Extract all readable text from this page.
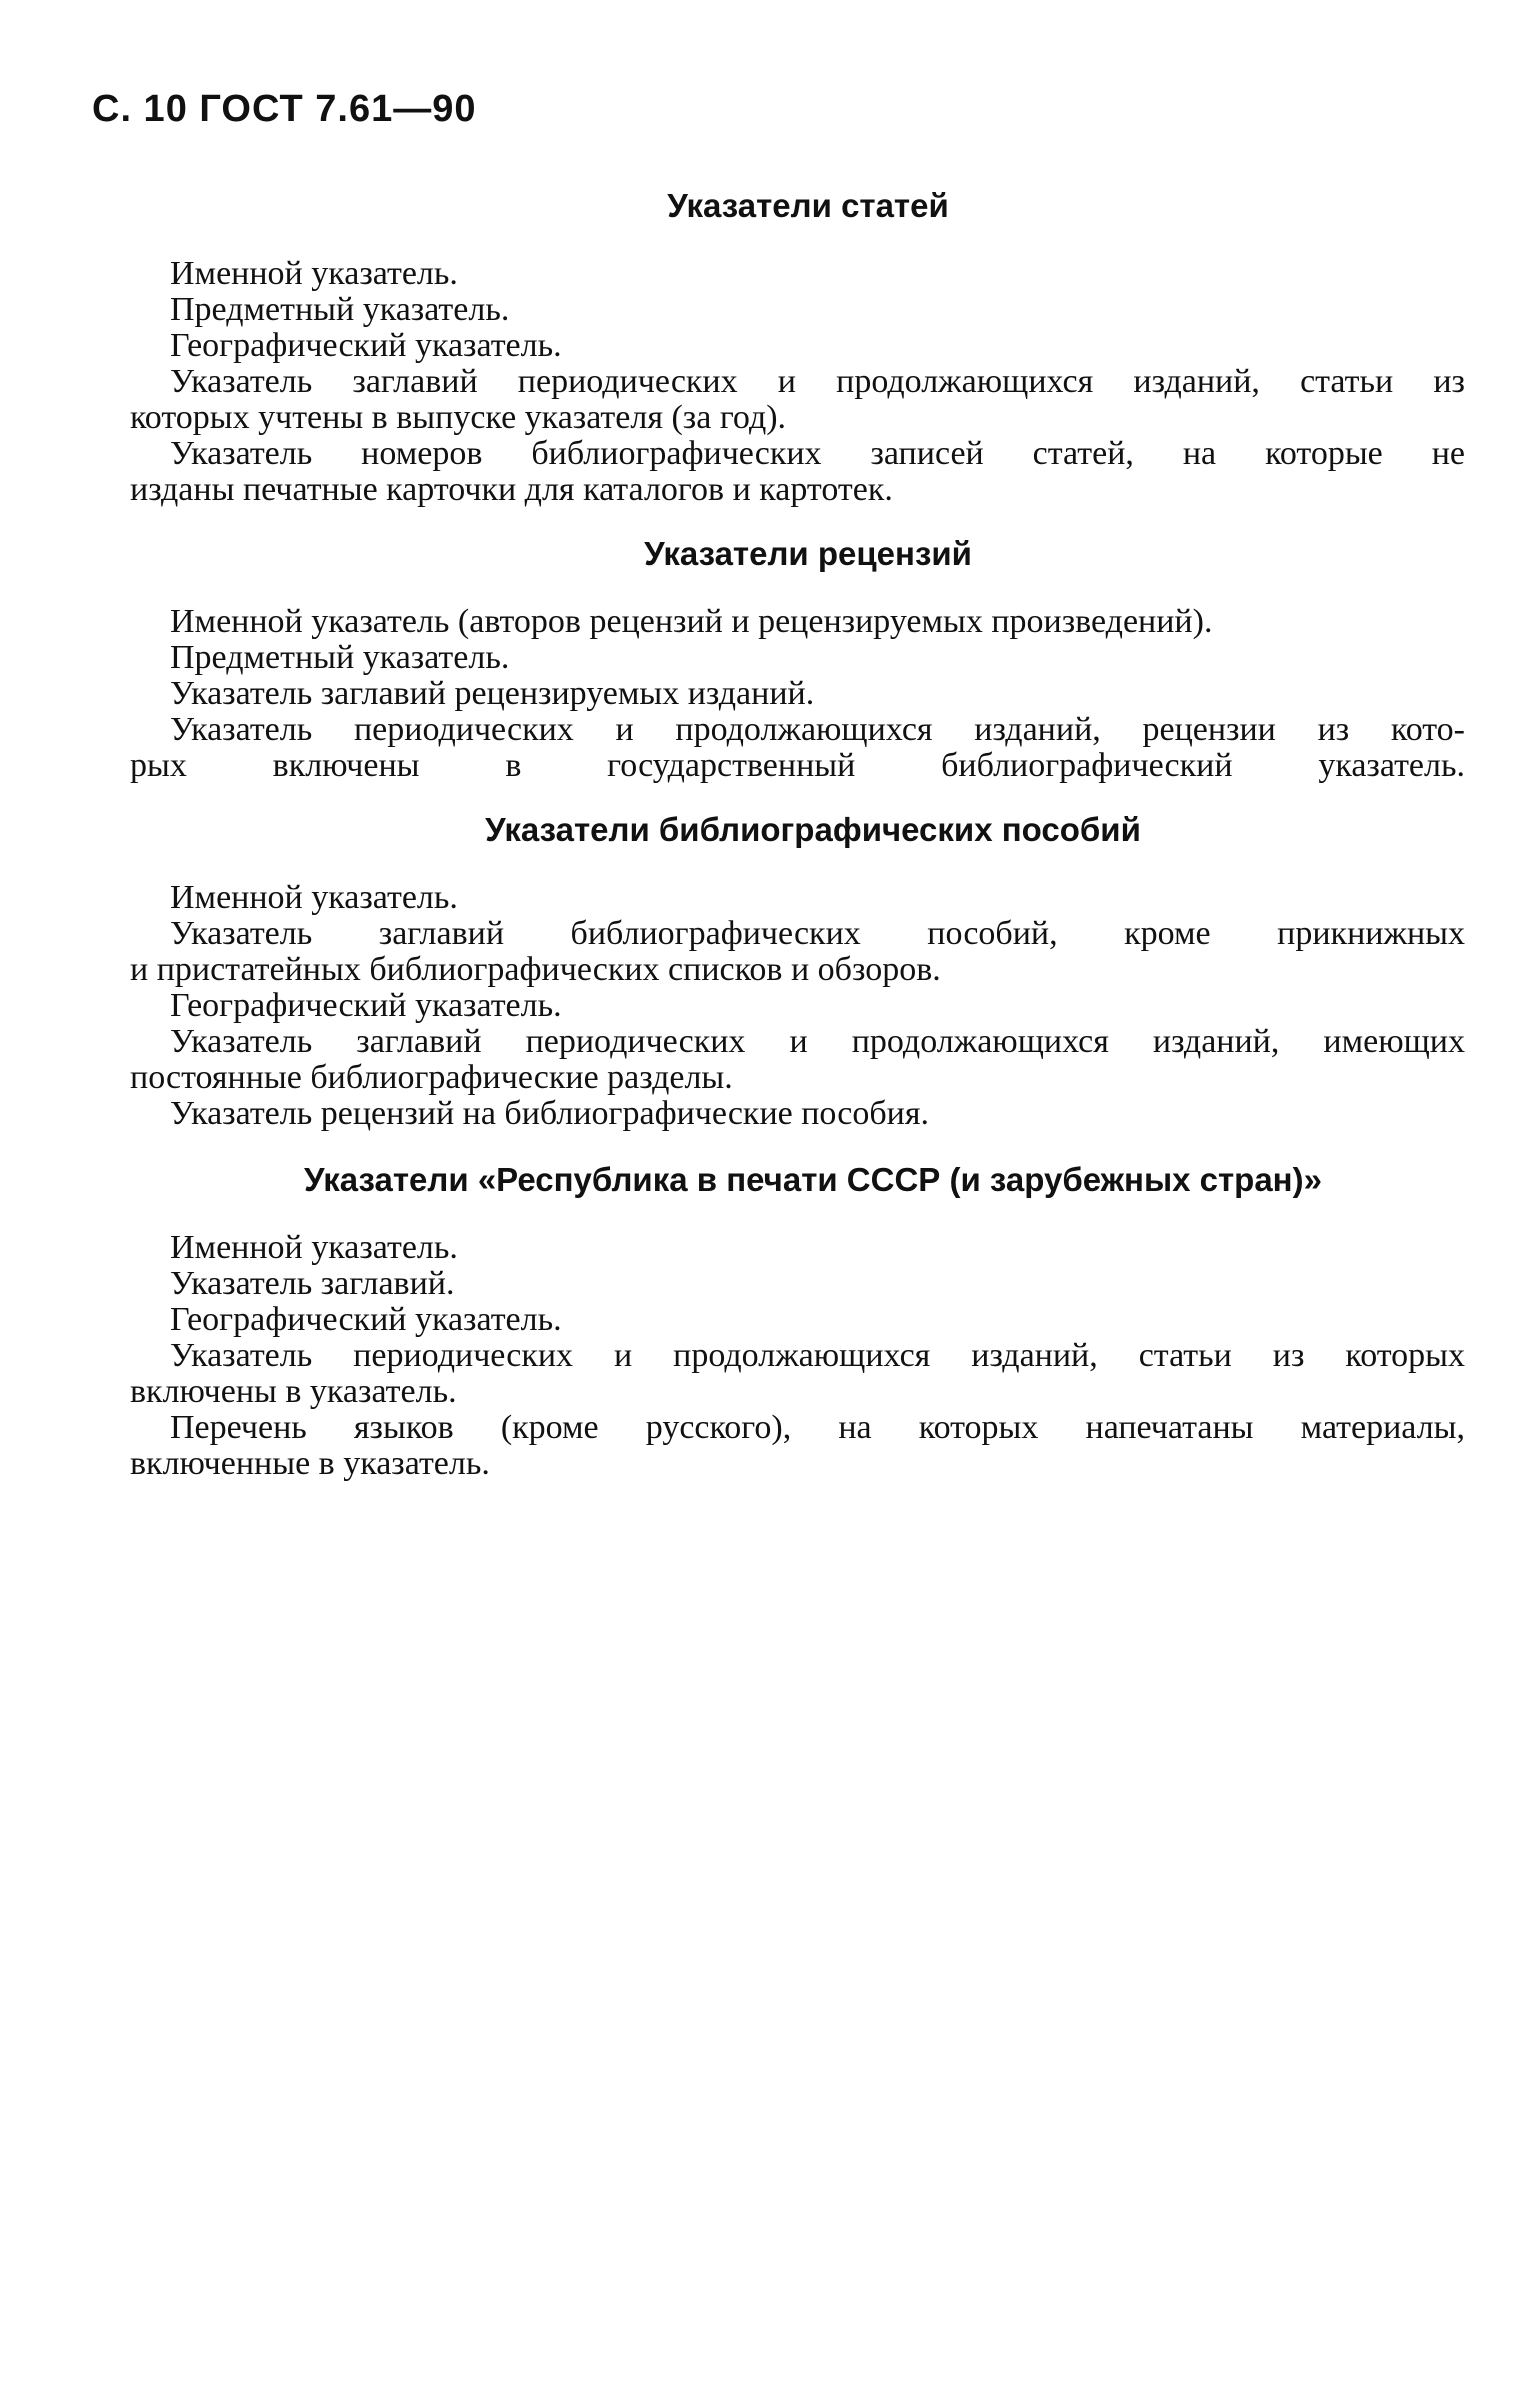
С. 10 ГОСТ 7.61—90
Указатели статей
Именной указатель.
Предметный указатель.
Географический указатель.
Указатель заглавий периодических и продолжающихся изданий, статьи из
которых учтены в выпуске указателя (за год).
Указатель номеров библиографических записей статей, на которые не
изданы печатные карточки для каталогов и картотек.
Указатели рецензий
Именной указатель (авторов рецензий и рецензируемых произведений).
Предметный указатель.
Указатель заглавий рецензируемых изданий.
Указатель периодических и продолжающихся изданий, рецензии из кото-
рых включены в государственный библиографический указатель.
Указатели библиографических пособий
Именной указатель.
Указатель заглавий библиографических пособий, кроме прикнижных
и пристатейных библиографических списков и обзоров.
Географический указатель.
Указатель заглавий периодических и продолжающихся изданий, имеющих
постоянные библиографические разделы.
Указатель рецензий на библиографические пособия.
Указатели «Республика в печати СССР (и зарубежных стран)»
Именной указатель.
Указатель заглавий.
Географический указатель.
Указатель периодических и продолжающихся изданий, статьи из которых
включены в указатель.
Перечень языков (кроме русского), на которых напечатаны материалы,
включенные в указатель.
